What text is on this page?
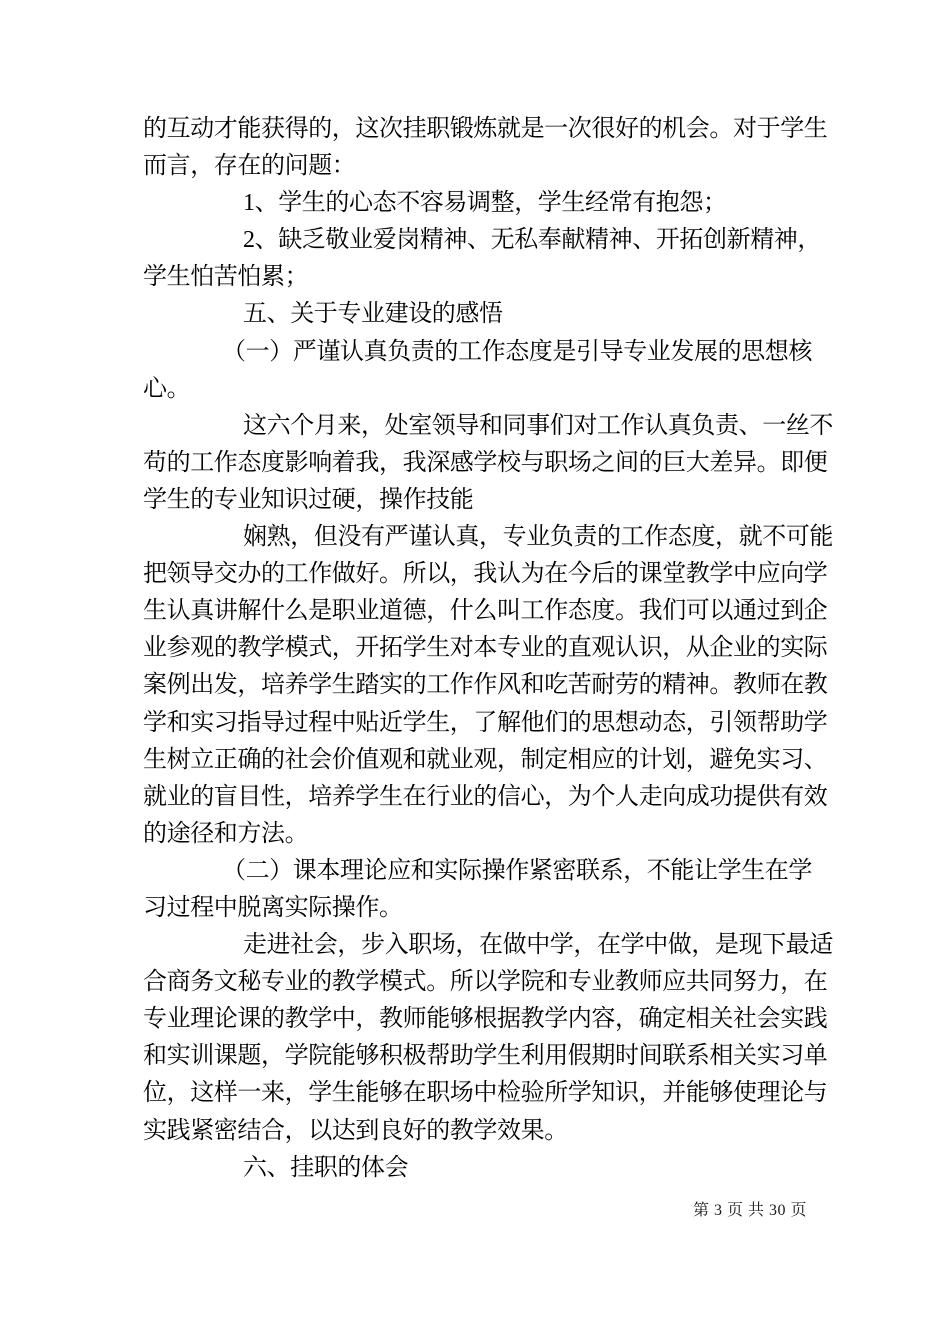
的互动才能获得的，这次挂职锻炼就是一次很好的机会。对于学生
而言，存在的问题：
1、学生的心态不容易调整，学生经常有抱怨；
2、缺乏敬业爱岗精神、无私奉献精神、开拓创新精神，
学生怕苦怕累；
五、关于专业建设的感悟
（一）严谨认真负责的工作态度是引导专业发展的思想核
心。
这六个月来，处室领导和同事们对工作认真负责、一丝不
苟的工作态度影响着我，我深感学校与职场之间的巨大差异。即便
学生的专业知识过硬，操作技能
娴熟，但没有严谨认真，专业负责的工作态度，就不可能
把领导交办的工作做好。所以，我认为在今后的课堂教学中应向学
生认真讲解什么是职业道德，什么叫工作态度。我们可以通过到企
业参观的教学模式，开拓学生对本专业的直观认识，从企业的实际
案例出发，培养学生踏实的工作作风和吃苦耐劳的精神。教师在教
学和实习指导过程中贴近学生，了解他们的思想动态，引领帮助学
生树立正确的社会价值观和就业观，制定相应的计划，避免实习、
就业的盲目性，培养学生在行业的信心，为个人走向成功提供有效
的途径和方法。
（二）课本理论应和实际操作紧密联系，不能让学生在学
习过程中脱离实际操作。
走进社会，步入职场，在做中学，在学中做，是现下最适
合商务文秘专业的教学模式。所以学院和专业教师应共同努力，在
专业理论课的教学中，教师能够根据教学内容，确定相关社会实践
和实训课题，学院能够积极帮助学生利用假期时间联系相关实习单
位，这样一来，学生能够在职场中检验所学知识，并能够使理论与
实践紧密结合，以达到良好的教学效果。
六、挂职的体会
第 3 页 共 30 页
